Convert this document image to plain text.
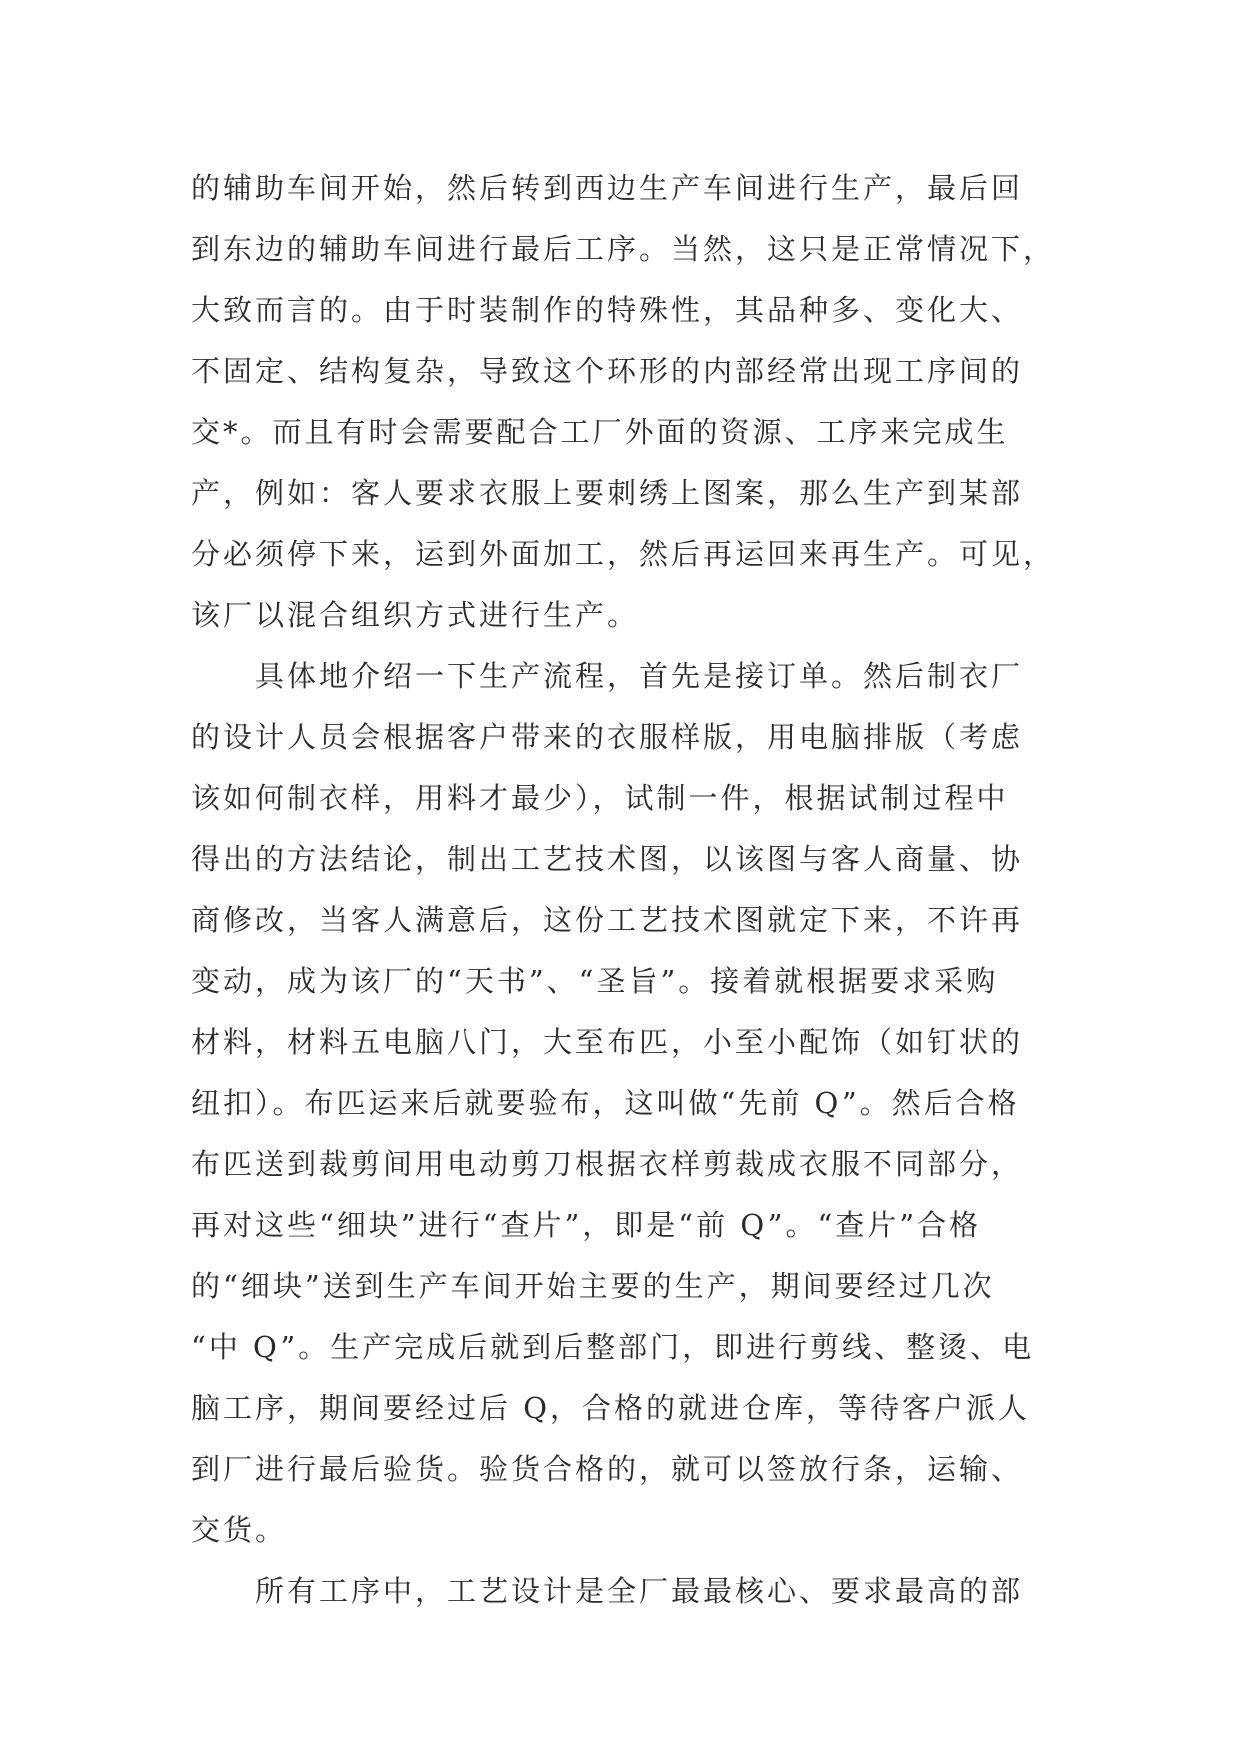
的辅助车间开始，然后转到西边生产车间进行生产，最后回
到东边的辅助车间进行最后工序。当然，这只是正常情况下，
大致而言的。由于时装制作的特殊性，其品种多、变化大、
不固定、结构复杂，导致这个环形的内部经常出现工序间的
交*。而且有时会需要配合工厂外面的资源、工序来完成生
产，例如：客人要求衣服上要刺绣上图案，那么生产到某部
分必须停下来，运到外面加工，然后再运回来再生产。可见，
该厂以混合组织方式进行生产。
具体地介绍一下生产流程，首先是接订单。然后制衣厂
的设计人员会根据客户带来的衣服样版，用电脑排版（考虑
该如何制衣样，用料才最少），试制一件，根据试制过程中
得出的方法结论，制出工艺技术图，以该图与客人商量、协
商修改，当客人满意后，这份工艺技术图就定下来，不许再
变动，成为该厂的“天书”、“圣旨”。接着就根据要求采购
材料，材料五电脑八门，大至布匹，小至小配饰（如钉状的
纽扣）。布匹运来后就要验布，这叫做“先前 Q”。然后合格
布匹送到裁剪间用电动剪刀根据衣样剪裁成衣服不同部分，
再对这些“细块”进行“查片”，即是“前 Q”。“查片”合格
的“细块”送到生产车间开始主要的生产，期间要经过几次
“中 Q”。生产完成后就到后整部门，即进行剪线、整烫、电
脑工序，期间要经过后 Q，合格的就进仓库，等待客户派人
到厂进行最后验货。验货合格的，就可以签放行条，运输、
交货。
所有工序中，工艺设计是全厂最最核心、要求最高的部
